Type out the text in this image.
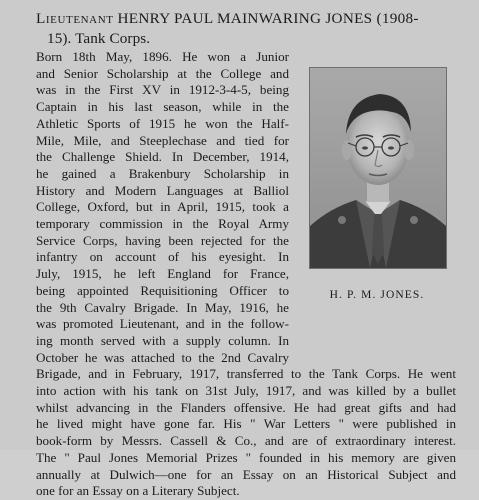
Lieutenant HENRY PAUL MAINWARING JONES (1908-
15). Tank Corps.
H. P. M. JONES.
Born 18th May, 1896. He won a Junior
and Senior Scholarship at the College and
was in the First XV in 1912-3-4-5, being
Captain in his last season, while in the
Athletic Sports of 1915 he won the Half-
Mile, Mile, and Steeplechase and tied for
the Challenge Shield. In December, 1914,
he gained a Brakenbury Scholarship in
History and Modern Languages at Balliol
College, Oxford, but in April, 1915, took a
temporary commission in the Royal Army
Service Corps, having been rejected for the
infantry on account of his eyesight. In
July, 1915, he left England for France,
being appointed Requisitioning Officer to
the 9th Cavalry Brigade. In May, 1916, he
was promoted Lieutenant, and in the follow-
ing month served with a supply column. In
October he was attached to the 2nd Cavalry
Brigade, and in February, 1917, transferred to the Tank Corps. He went
into action with his tank on 31st July, 1917, and was killed by a bullet
whilst advancing in the Flanders offensive. He had great gifts and had
he lived might have gone far. His " War Letters " were published in
book-form by Messrs. Cassell & Co., and are of extraordinary interest.
The " Paul Jones Memorial Prizes " founded in his memory are given
annually at Dulwich—one for an Essay on an Historical Subject and
one for an Essay on a Literary Subject.
